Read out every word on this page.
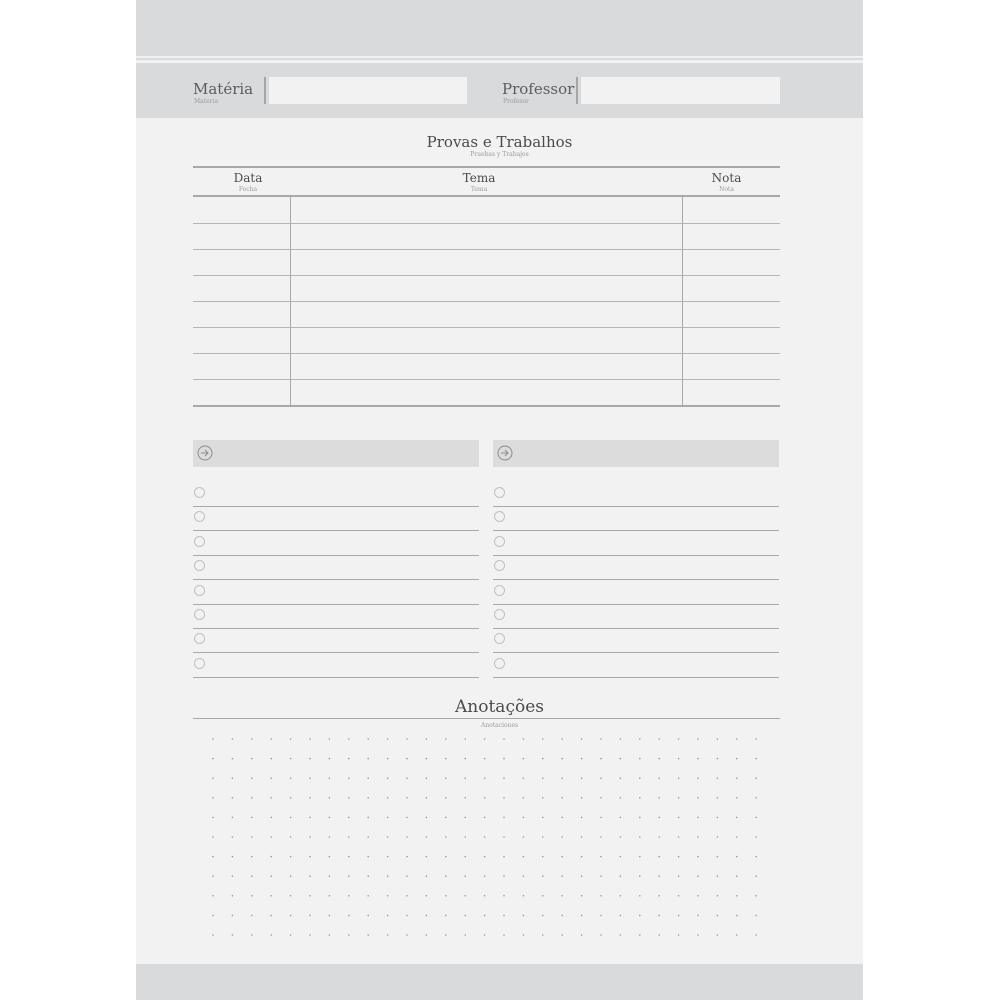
Matéria
Materia
Professor
Profesor
Provas e Trabalhos
Pruebas y Trabajos
Data
Fecha
Tema
Tema
Nota
Nota
Anotações
Anotaciones
